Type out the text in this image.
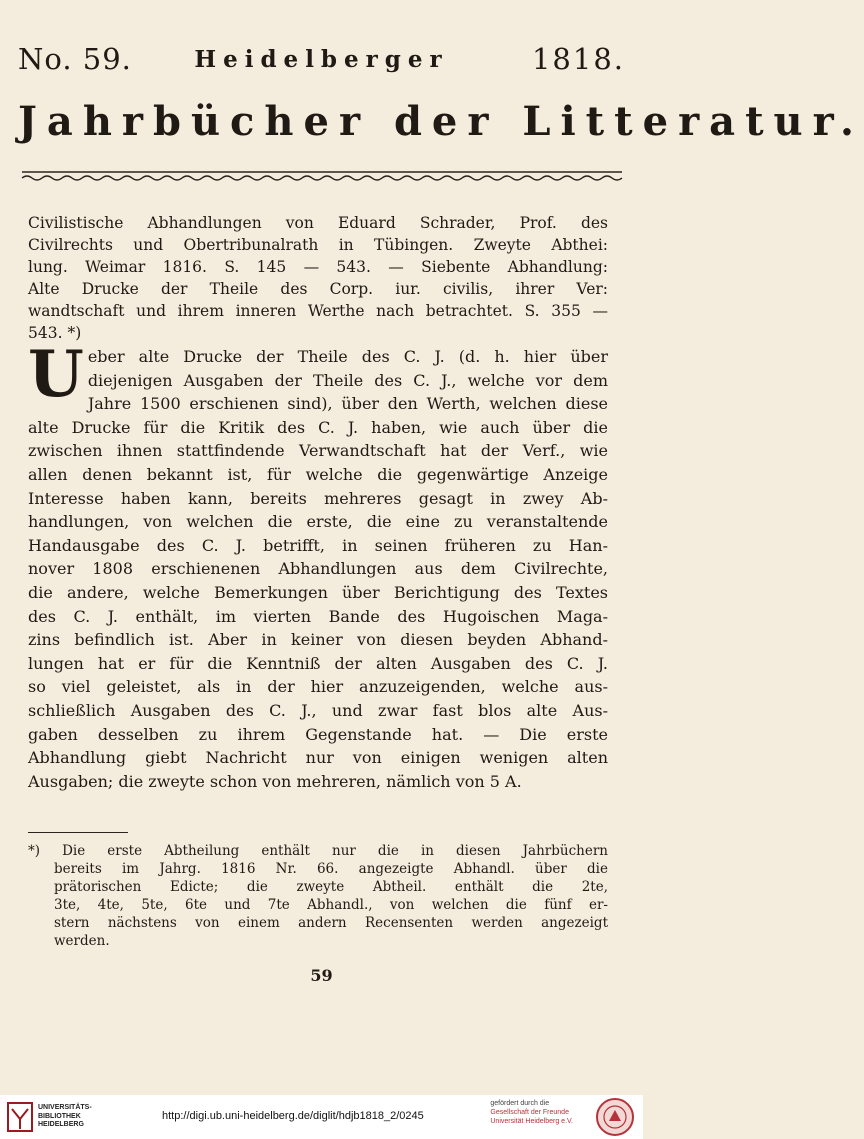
No. 59.	Heidelberger	1818.
Jahrbücher der Litteratur.
Civilistische Abhandlungen von Eduard Schrader, Prof. des
Civilrechts und Obertribunalrath in Tübingen. Zweyte Abthei:
lung. Weimar 1816. S. 145 — 543. — Siebente Abhandlung:
Alte Drucke der Theile des Corp. iur. civilis, ihrer Ver:
wandtschaft und ihrem inneren Werthe nach betrachtet. S. 355 —
543. *)
U eber alte Drucke der Theile des C. J. (d. h. hier über
diejenigen Ausgaben der Theile des C. J., welche vor dem
Jahre 1500 erschienen sind), über den Werth, welchen diese
alte Drucke für die Kritik des C. J. haben, wie auch über die
zwischen ihnen stattfindende Verwandtschaft hat der Verf., wie
allen denen bekannt ist, für welche die gegenwärtige Anzeige
Interesse haben kann, bereits mehreres gesagt in zwey Ab-
handlungen, von welchen die erste, die eine zu veranstaltende
Handausgabe des C. J. betrifft, in seinen früheren zu Han-
nover 1808 erschienenen Abhandlungen aus dem Civilrechte,
die andere, welche Bemerkungen über Berichtigung des Textes
des C. J. enthält, im vierten Bande des Hugoischen Maga-
zins befindlich ist. Aber in keiner von diesen beyden Abhand-
lungen hat er für die Kenntniß der alten Ausgaben des C. J.
so viel geleistet, als in der hier anzuzeigenden, welche aus-
schließlich Ausgaben des C. J., und zwar fast blos alte Aus-
gaben desselben zu ihrem Gegenstande hat. — Die erste
Abhandlung giebt Nachricht nur von einigen wenigen alten
Ausgaben; die zweyte schon von mehreren, nämlich von 5 A.
*) Die erste Abtheilung enthält nur die in diesen Jahrbüchern
bereits im Jahrg. 1816 Nr. 66. angezeigte Abhandl. über die
prätorischen Edicte; die zweyte Abtheil. enthält die 2te,
3te, 4te, 5te, 6te und 7te Abhandl., von welchen die fünf er-
stern nächstens von einem andern Recensenten werden angezeigt
werden.
59
UNIVERSITÄTS-
BIBLIOTHEK
HEIDELBERG
http://digi.ub.uni-heidelberg.de/diglit/hdjb1818_2/0245
gefördert durch die
Gesellschaft der Freunde
Universität Heidelberg e.V.
